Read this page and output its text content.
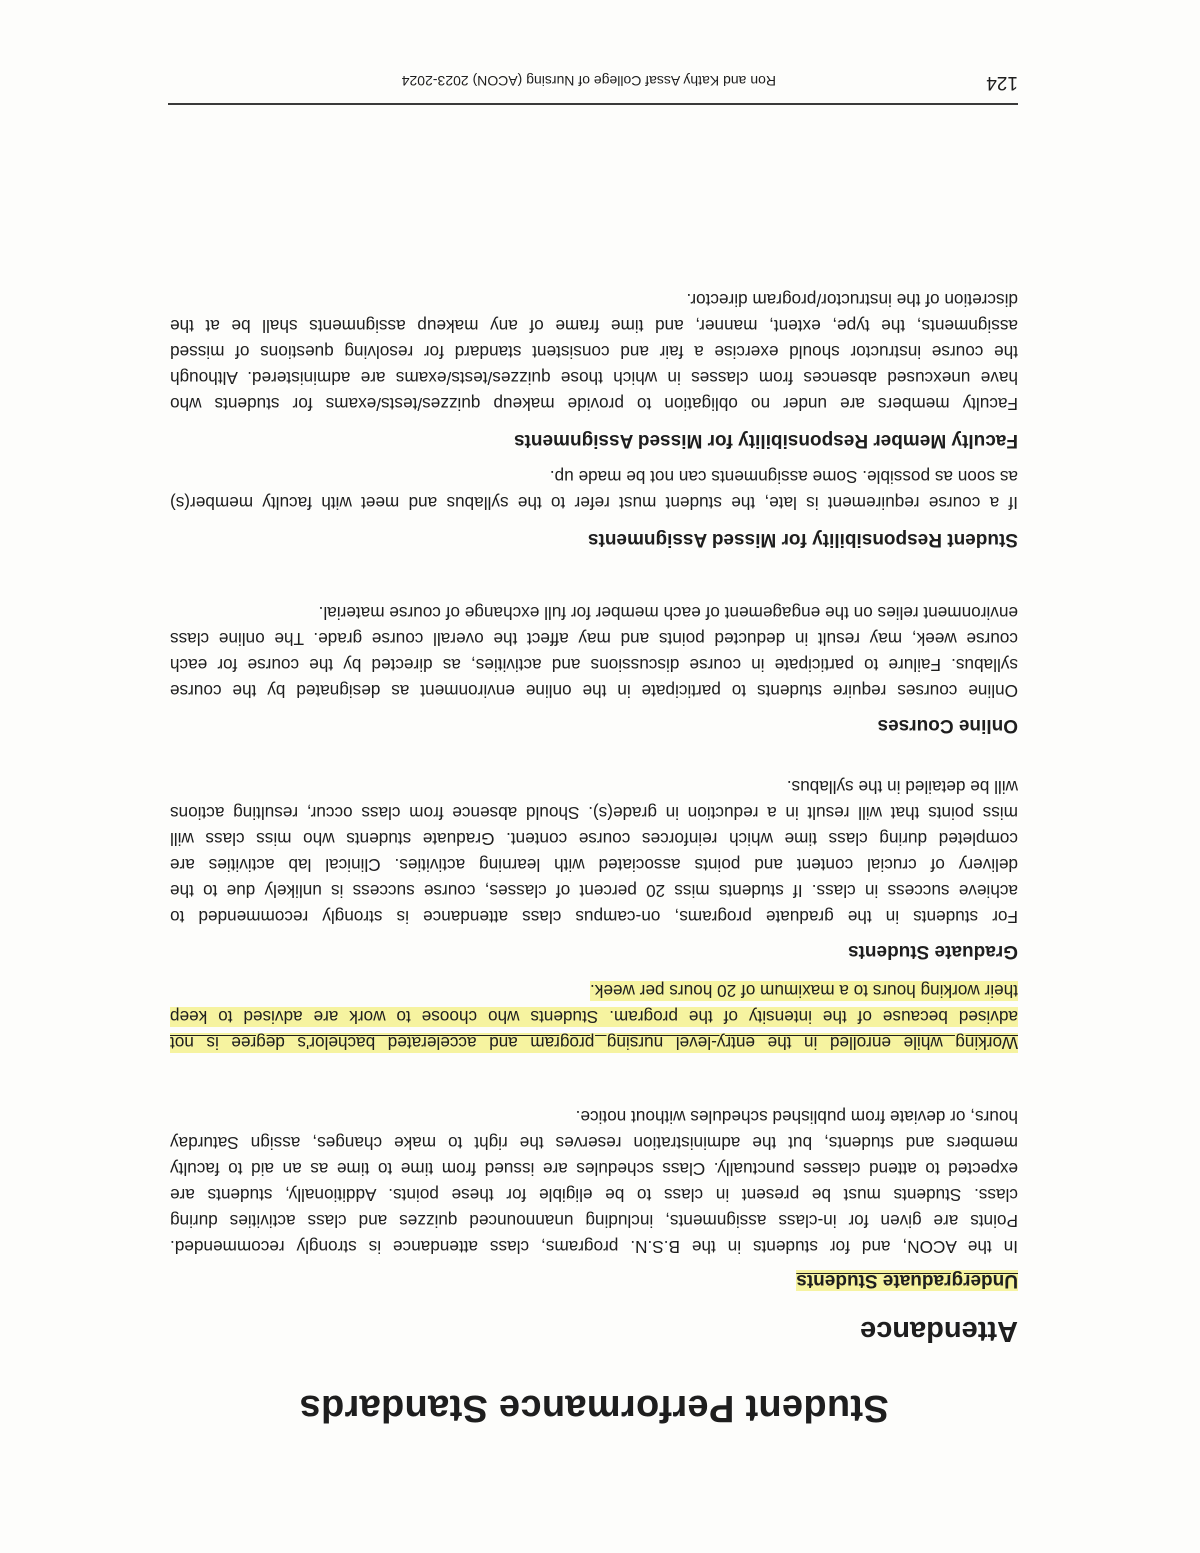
Student Performance Standards
Attendance
Undergraduate Students
In the ACON, and for students in the B.S.N. programs, class attendance is strongly recommended.
Points are given for in-class assignments, including unannounced quizzes and class activities during
class. Students must be present in class to be eligible for these points. Additionally, students are
expected to attend classes punctually. Class schedules are issued from time to time as an aid to faculty
members and students, but the administration reserves the right to make changes, assign Saturday
hours, or deviate from published schedules without notice.
Working while enrolled in the entry-level nursing program and accelerated bachelor's degree is not
advised because of the intensity of the program. Students who choose to work are advised to keep
their working hours to a maximum of 20 hours per week.
Graduate Students
For students in the graduate programs, on-campus class attendance is strongly recommended to
achieve success in class. If students miss 20 percent of classes, course success is unlikely due to the
delivery of crucial content and points associated with learning activities. Clinical lab activities are
completed during class time which reinforces course content. Graduate students who miss class will
miss points that will result in a reduction in grade(s). Should absence from class occur, resulting actions
will be detailed in the syllabus.
Online Courses
Online courses require students to participate in the online environment as designated by the course
syllabus. Failure to participate in course discussions and activities, as directed by the course for each
course week, may result in deducted points and may affect the overall course grade. The online class
environment relies on the engagement of each member for full exchange of course material.
Student Responsibility for Missed Assignments
If a course requirement is late, the student must refer to the syllabus and meet with faculty member(s)
as soon as possible. Some assignments can not be made up.
Faculty Member Responsibility for Missed Assignments
Faculty members are under no obligation to provide makeup quizzes/tests/exams for students who
have unexcused absences from classes in which those quizzes/tests/exams are administered. Although
the course instructor should exercise a fair and consistent standard for resolving questions of missed
assignments, the type, extent, manner, and time frame of any makeup assignments shall be at the
discretion of the instructor/program director.

124

Ron and Kathy Assaf College of Nursing (ACON) 2023-2024
